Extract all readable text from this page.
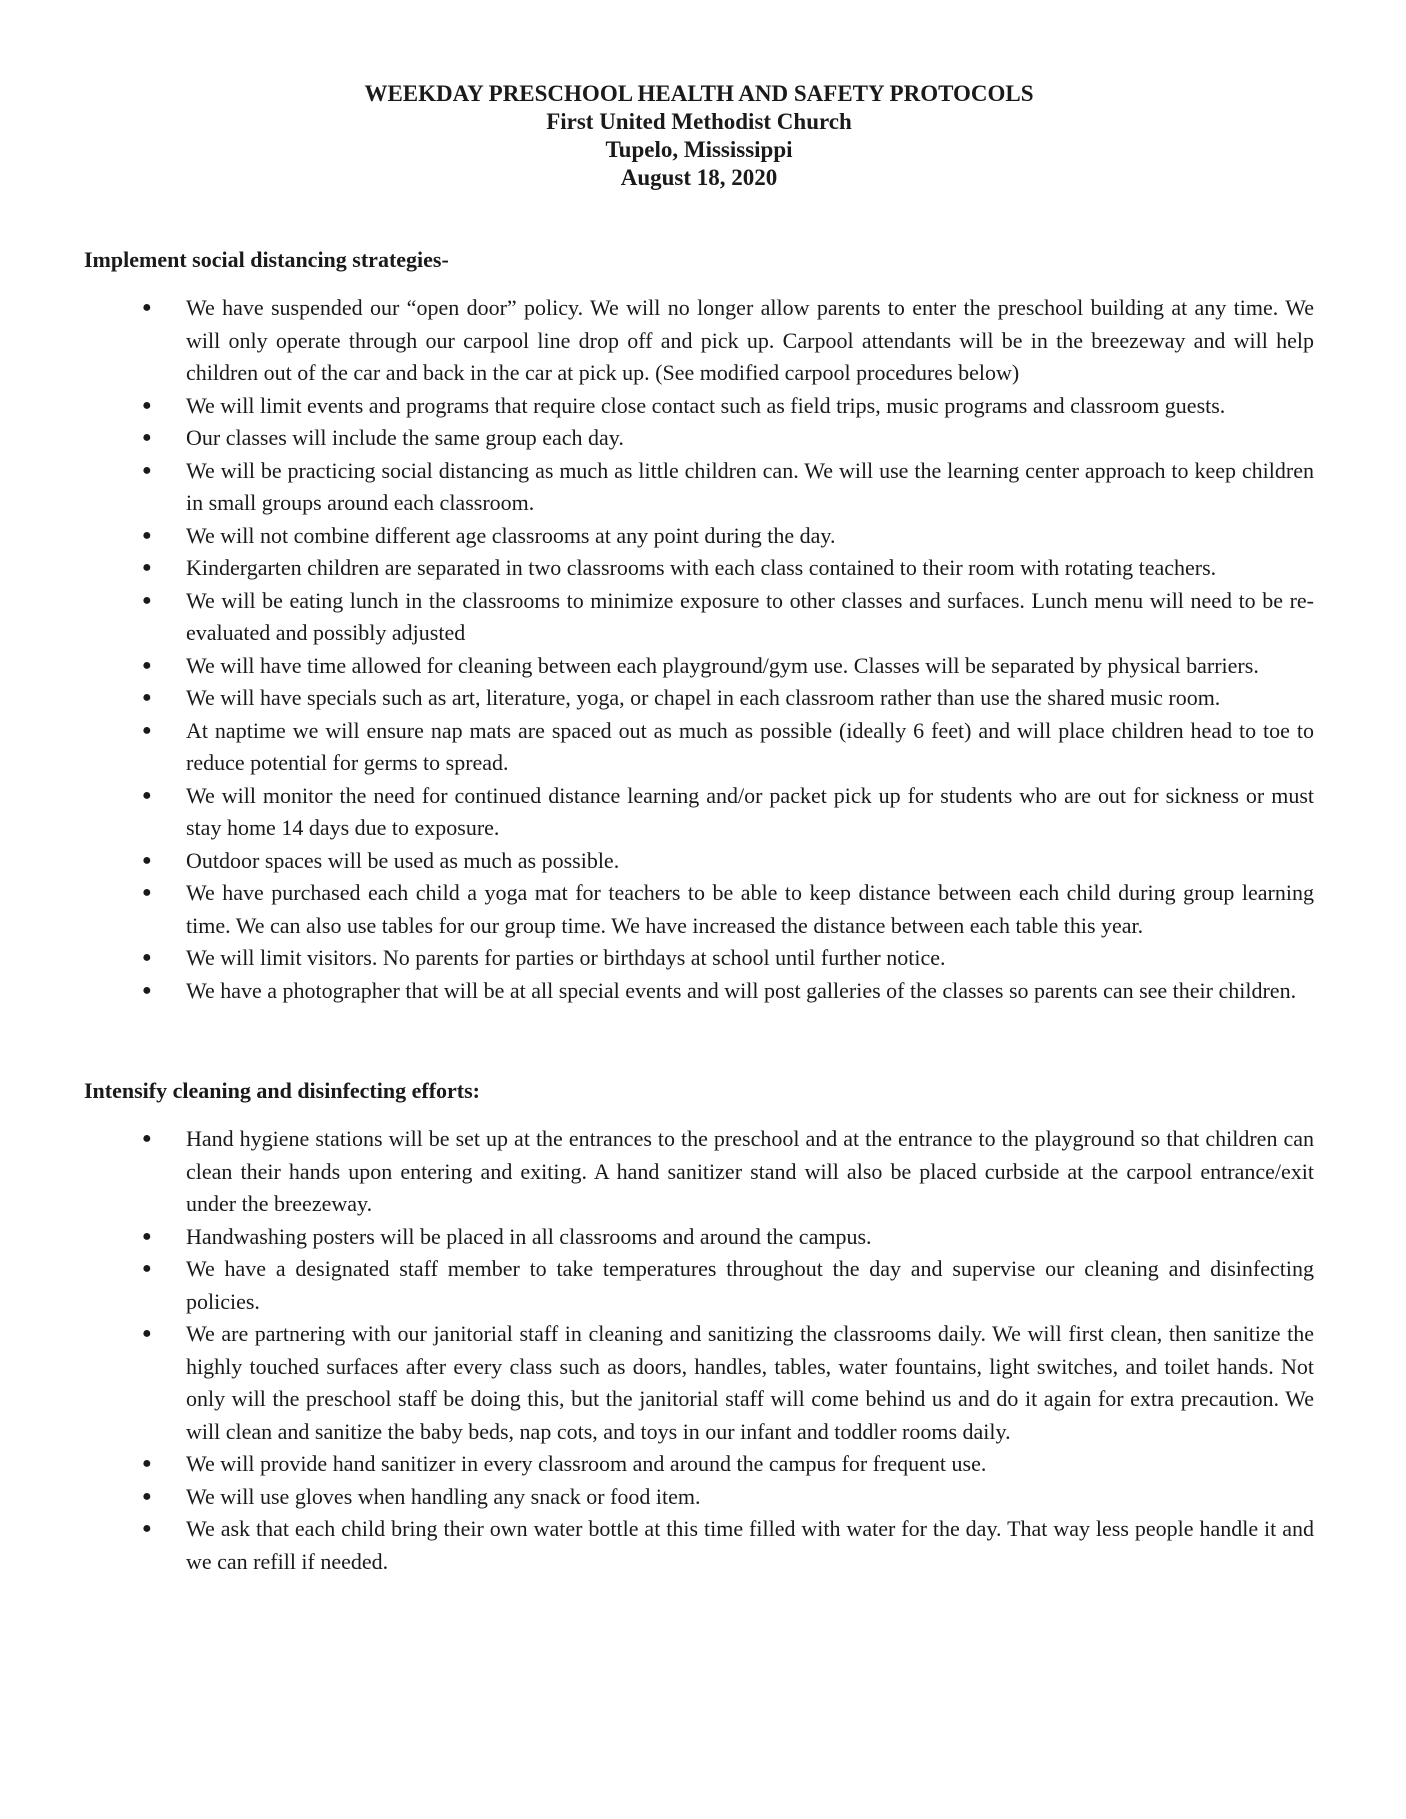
WEEKDAY PRESCHOOL HEALTH AND SAFETY PROTOCOLS
First United Methodist Church
Tupelo, Mississippi
August 18, 2020
Implement social distancing strategies-
● We have suspended our “open door” policy. We will no longer allow parents to enter the preschool building at any time. We will only operate through our carpool line drop off and pick up. Carpool attendants will be in the breezeway and will help children out of the car and back in the car at pick up. (See modified carpool procedures below)
● We will limit events and programs that require close contact such as field trips, music programs and classroom guests.
● Our classes will include the same group each day.
● We will be practicing social distancing as much as little children can. We will use the learning center approach to keep children in small groups around each classroom.
● We will not combine different age classrooms at any point during the day.
● Kindergarten children are separated in two classrooms with each class contained to their room with rotating teachers.
● We will be eating lunch in the classrooms to minimize exposure to other classes and surfaces. Lunch menu will need to be re-evaluated and possibly adjusted
● We will have time allowed for cleaning between each playground/gym use. Classes will be separated by physical barriers.
● We will have specials such as art, literature, yoga, or chapel in each classroom rather than use the shared music room.
● At naptime we will ensure nap mats are spaced out as much as possible (ideally 6 feet) and will place children head to toe to reduce potential for germs to spread.
● We will monitor the need for continued distance learning and/or packet pick up for students who are out for sickness or must stay home 14 days due to exposure.
● Outdoor spaces will be used as much as possible.
● We have purchased each child a yoga mat for teachers to be able to keep distance between each child during group learning time. We can also use tables for our group time. We have increased the distance between each table this year.
● We will limit visitors. No parents for parties or birthdays at school until further notice.
● We have a photographer that will be at all special events and will post galleries of the classes so parents can see their children.
Intensify cleaning and disinfecting efforts:
● Hand hygiene stations will be set up at the entrances to the preschool and at the entrance to the playground so that children can clean their hands upon entering and exiting. A hand sanitizer stand will also be placed curbside at the carpool entrance/exit under the breezeway.
● Handwashing posters will be placed in all classrooms and around the campus.
● We have a designated staff member to take temperatures throughout the day and supervise our cleaning and disinfecting policies.
● We are partnering with our janitorial staff in cleaning and sanitizing the classrooms daily. We will first clean, then sanitize the highly touched surfaces after every class such as doors, handles, tables, water fountains, light switches, and toilet hands. Not only will the preschool staff be doing this, but the janitorial staff will come behind us and do it again for extra precaution. We will clean and sanitize the baby beds, nap cots, and toys in our infant and toddler rooms daily.
● We will provide hand sanitizer in every classroom and around the campus for frequent use.
● We will use gloves when handling any snack or food item.
● We ask that each child bring their own water bottle at this time filled with water for the day. That way less people handle it and we can refill if needed.
